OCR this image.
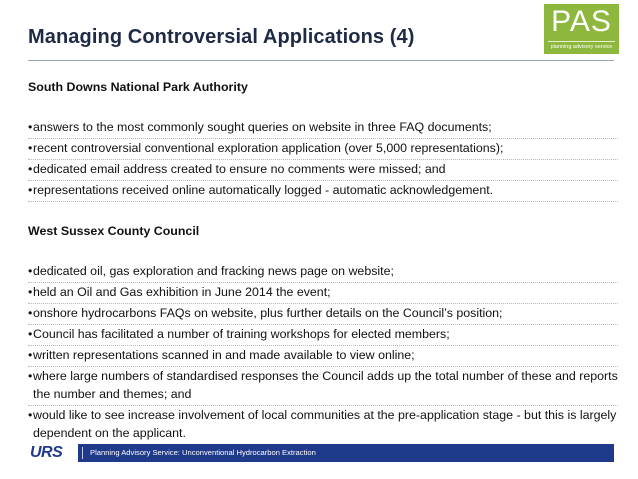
Managing Controversial Applications (4)	PAS
planning advisory service
South Downs National Park Authority
• answers to the most commonly sought queries on website in three FAQ documents;
• recent controversial conventional exploration application (over 5,000 representations);
• dedicated email address created to ensure no comments were missed; and
• representations received online automatically logged - automatic acknowledgement.
West Sussex County Council
• dedicated oil, gas exploration and fracking news page on website;
• held an Oil and Gas exhibition in June 2014 the event;
• onshore hydrocarbons FAQs on website, plus further details on the Council’s position;
• Council has facilitated a number of training workshops for elected members;
• written representations scanned in and made available to view online;
• where large numbers of standardised responses the Council adds up the total number of these and reports the number and themes; and
• would like to see increase involvement of local communities at the pre-application stage - but this is largely dependent on the applicant.
URS	Planning Advisory Service: Unconventional Hydrocarbon Extraction
